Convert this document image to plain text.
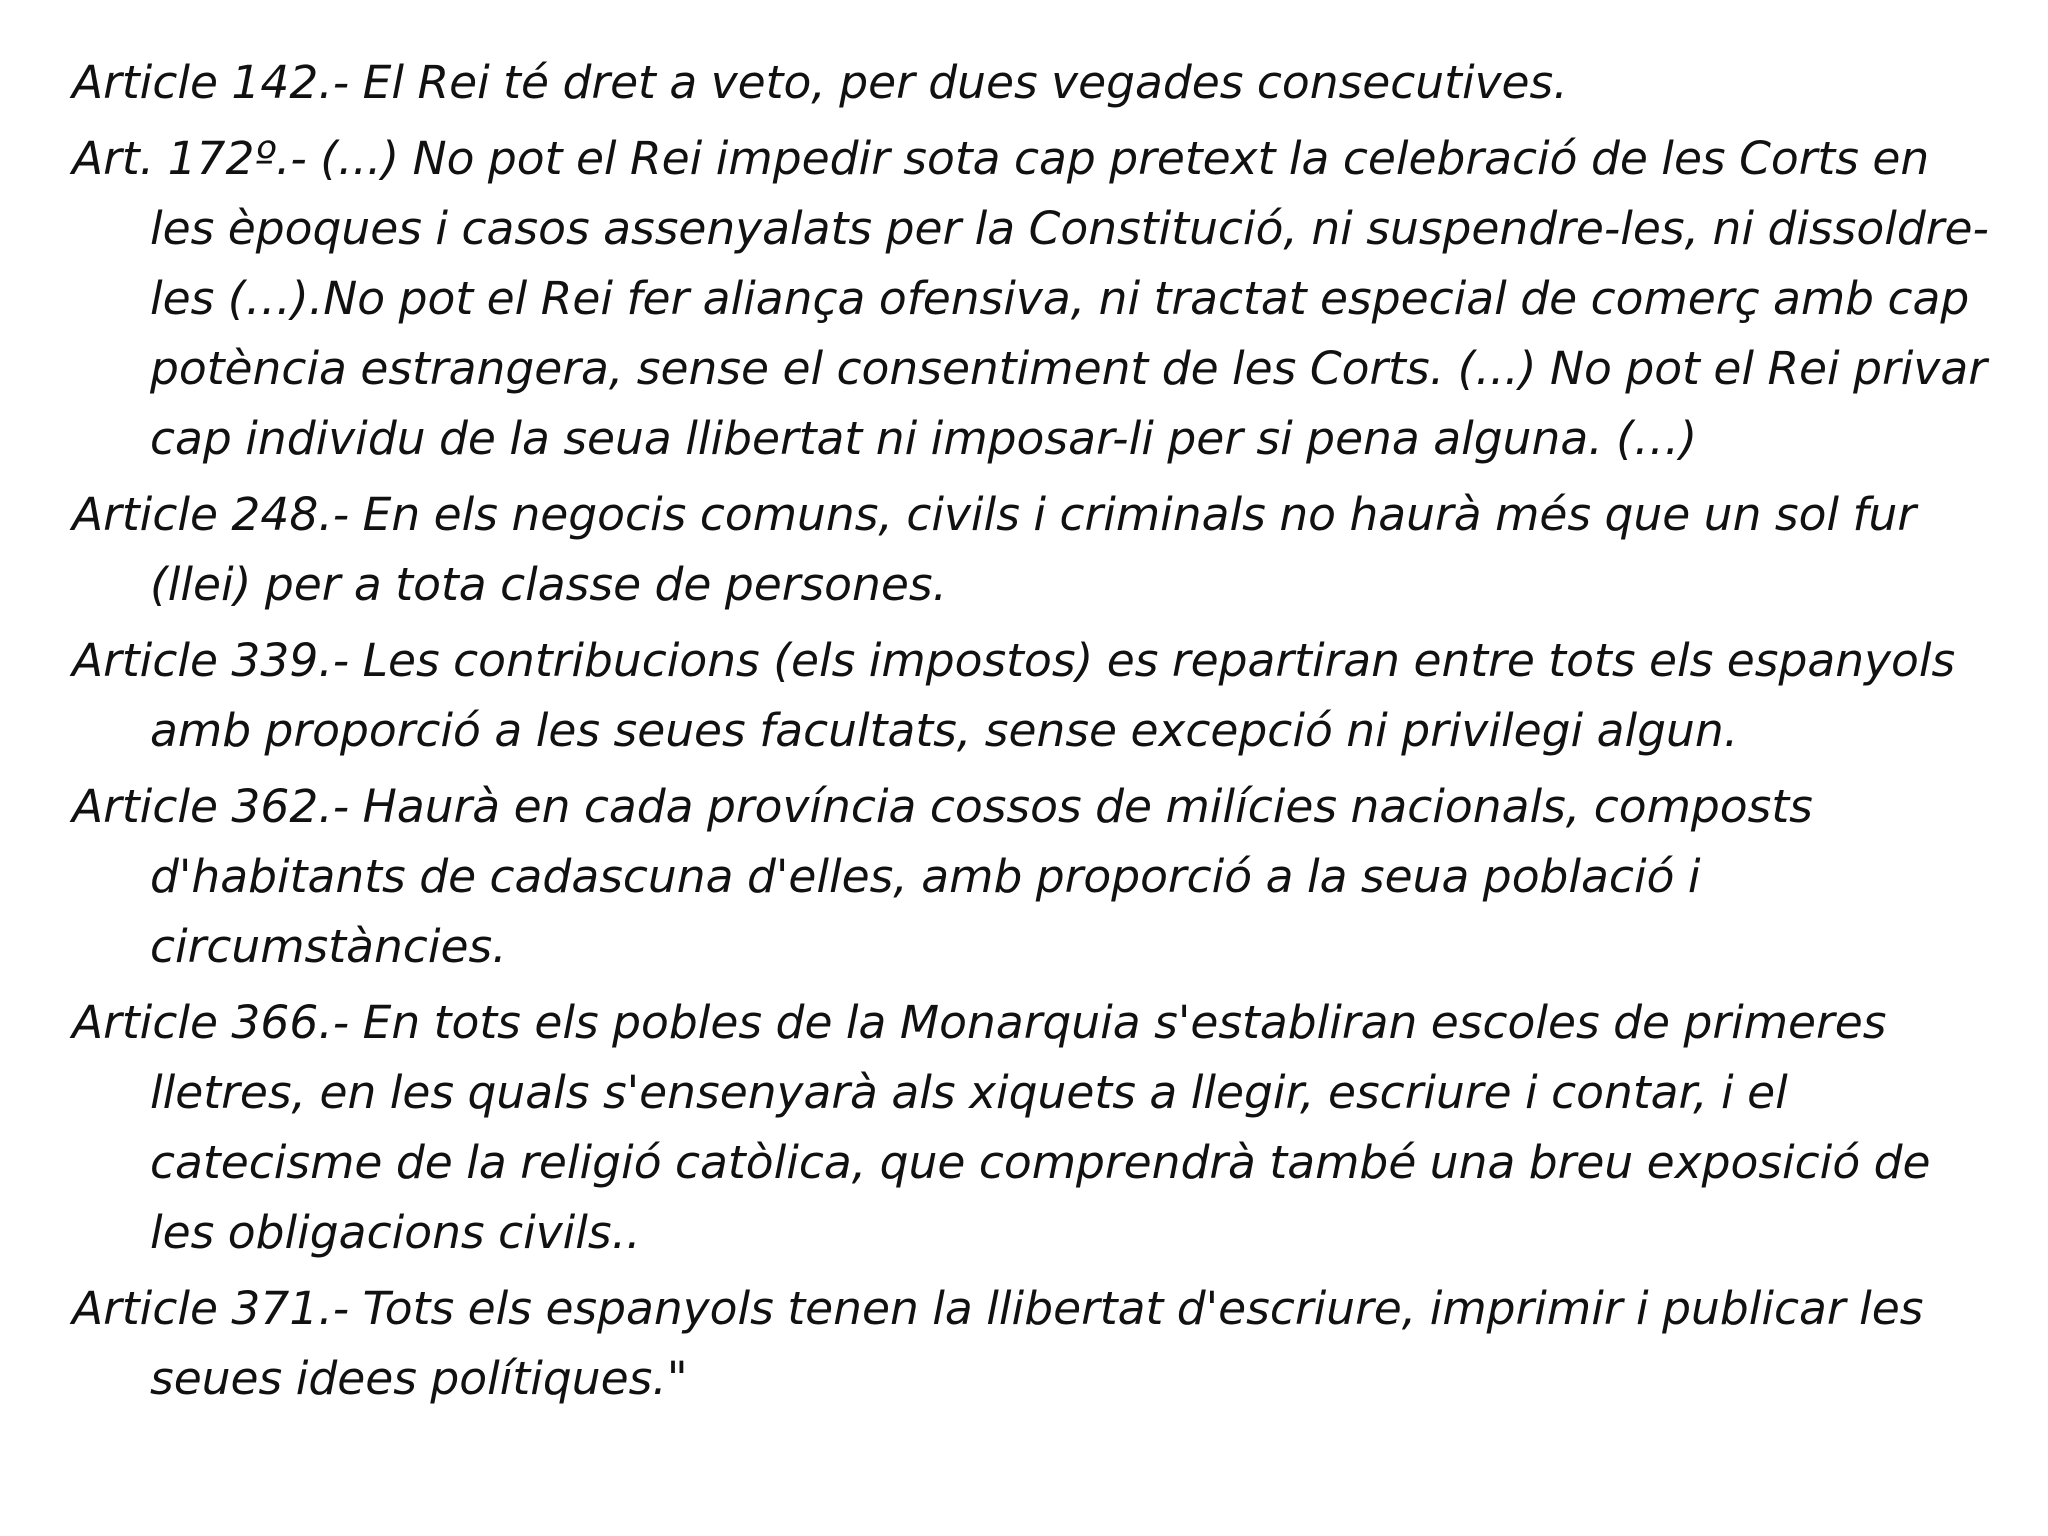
Article 142.- El Rei té dret a veto, per dues vegades consecutives.

Art. 172º.- (...) No pot el Rei impedir sota cap pretext la celebració de les Corts en les èpoques i casos assenyalats per la Constitució, ni suspendre-les, ni dissoldre-les (…).No pot el Rei fer aliança ofensiva, ni tractat especial de comerç amb cap potència estrangera, sense el consentiment de les Corts. (...) No pot el Rei privar cap individu de la seua llibertat ni imposar-li per si pena alguna. (…)

Article 248.- En els negocis comuns, civils i criminals no haurà més que un sol fur (llei) per a tota classe de persones.

Article 339.- Les contribucions (els impostos) es repartiran entre tots els espanyols amb proporció a les seues facultats, sense excepció ni privilegi algun.

Article 362.- Haurà en cada província cossos de milícies nacionals, composts d'habitants de cadascuna d'elles, amb proporció a la seua població i circumstàncies.

Article 366.- En tots els pobles de la Monarquia s'establiran escoles de primeres lletres, en les quals s'ensenyarà als xiquets a llegir, escriure i contar, i el catecisme de la religió catòlica, que comprendrà també una breu exposició de les obligacions civils..

Article 371.- Tots els espanyols tenen la llibertat d'escriure, imprimir i publicar les seues idees polítiques."
